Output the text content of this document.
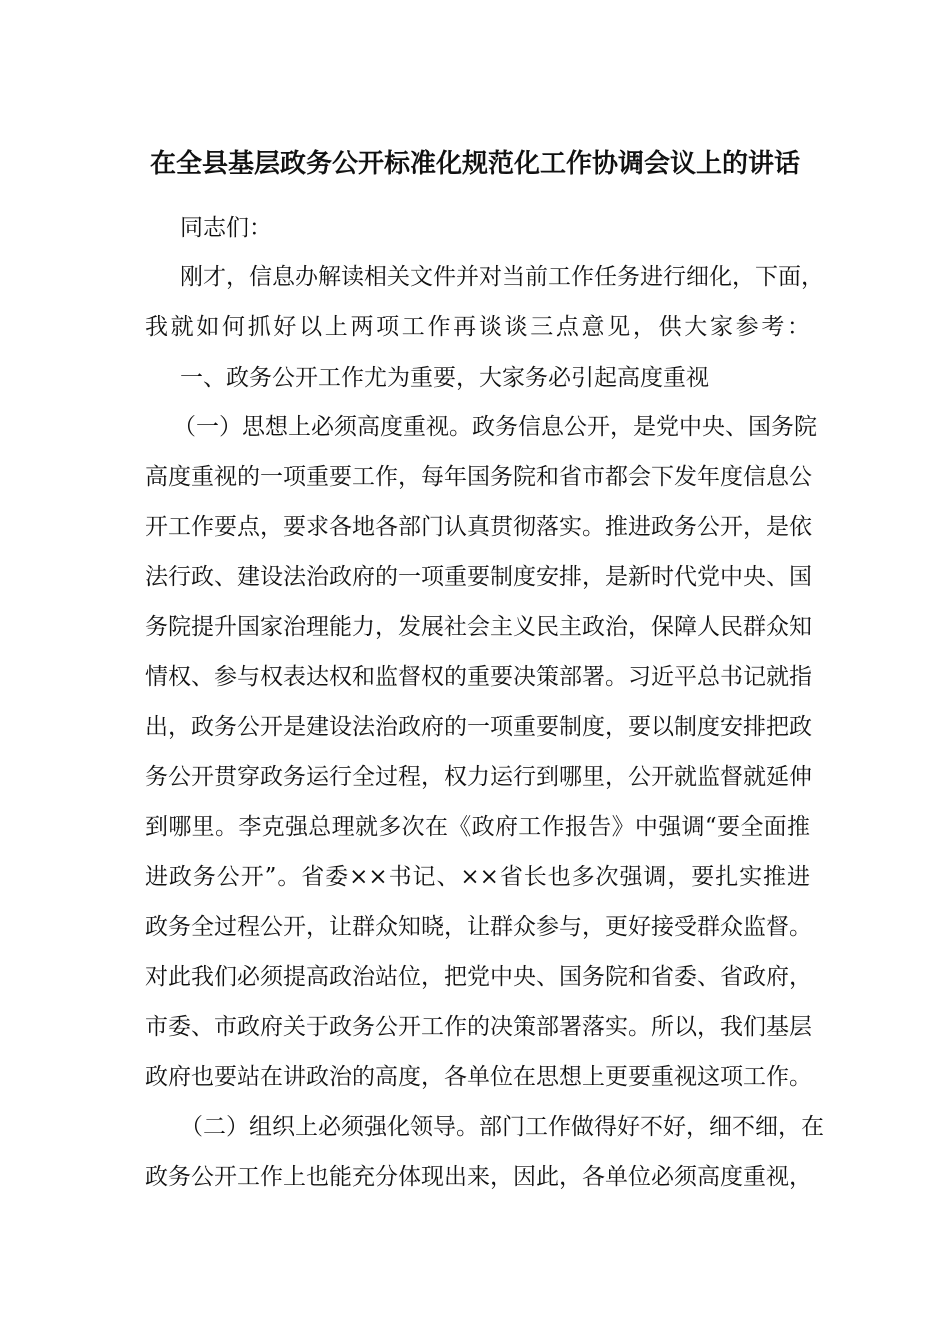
在全县基层政务公开标准化规范化工作协调会议上的讲话
同志们：
刚才，信息办解读相关文件并对当前工作任务进行细化，下面，
我就如何抓好以上两项工作再谈谈三点意见，供大家参考：
一、政务公开工作尤为重要，大家务必引起高度重视
（一）思想上必须高度重视。政务信息公开，是党中央、国务院
高度重视的一项重要工作，每年国务院和省市都会下发年度信息公
开工作要点，要求各地各部门认真贯彻落实。推进政务公开，是依
法行政、建设法治政府的一项重要制度安排，是新时代党中央、国
务院提升国家治理能力，发展社会主义民主政治，保障人民群众知
情权、参与权表达权和监督权的重要决策部署。习近平总书记就指
出，政务公开是建设法治政府的一项重要制度，要以制度安排把政
务公开贯穿政务运行全过程，权力运行到哪里，公开就监督就延伸
到哪里。李克强总理就多次在《政府工作报告》中强调“要全面推
进政务公开”。省委××书记、××省长也多次强调，要扎实推进
政务全过程公开，让群众知晓，让群众参与，更好接受群众监督。
对此我们必须提高政治站位，把党中央、国务院和省委、省政府，
市委、市政府关于政务公开工作的决策部署落实。所以，我们基层
政府也要站在讲政治的高度，各单位在思想上更要重视这项工作。
（二）组织上必须强化领导。部门工作做得好不好，细不细，在
政务公开工作上也能充分体现出来，因此，各单位必须高度重视，
